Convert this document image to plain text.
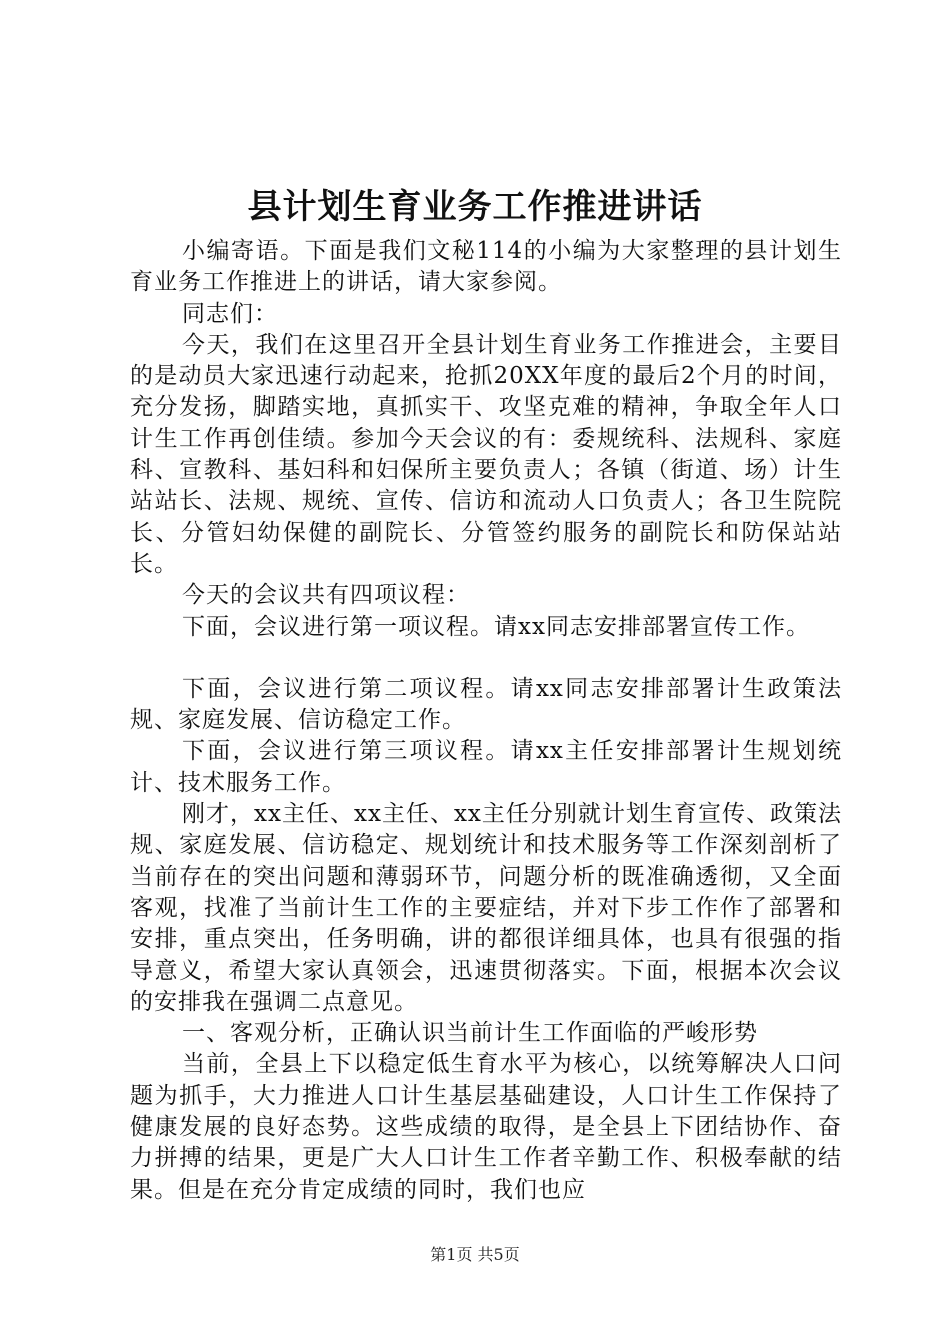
县计划生育业务工作推进讲话

小编寄语。下面是我们文秘114的小编为大家整理的县计划生育业务工作推进上的讲话，请大家参阅。

同志们：

今天，我们在这里召开全县计划生育业务工作推进会，主要目的是动员大家迅速行动起来，抢抓20XX年度的最后2个月的时间，充分发扬，脚踏实地，真抓实干、攻坚克难的精神，争取全年人口计生工作再创佳绩。参加今天会议的有：委规统科、法规科、家庭科、宣教科、基妇科和妇保所主要负责人；各镇（街道、场）计生站站长、法规、规统、宣传、信访和流动人口负责人；各卫生院院长、分管妇幼保健的副院长、分管签约服务的副院长和防保站站长。

今天的会议共有四项议程：

下面，会议进行第一项议程。请xx同志安排部署宣传工作。

下面，会议进行第二项议程。请xx同志安排部署计生政策法规、家庭发展、信访稳定工作。

下面，会议进行第三项议程。请xx主任安排部署计生规划统计、技术服务工作。

刚才，xx主任、xx主任、xx主任分别就计划生育宣传、政策法规、家庭发展、信访稳定、规划统计和技术服务等工作深刻剖析了当前存在的突出问题和薄弱环节，问题分析的既准确透彻，又全面客观，找准了当前计生工作的主要症结，并对下步工作作了部署和安排，重点突出，任务明确，讲的都很详细具体，也具有很强的指导意义，希望大家认真领会，迅速贯彻落实。下面，根据本次会议的安排我在强调二点意见。

一、客观分析，正确认识当前计生工作面临的严峻形势

当前，全县上下以稳定低生育水平为核心，以统筹解决人口问题为抓手，大力推进人口计生基层基础建设，人口计生工作保持了健康发展的良好态势。这些成绩的取得，是全县上下团结协作、奋力拼搏的结果，更是广大人口计生工作者辛勤工作、积极奉献的结果。但是在充分肯定成绩的同时，我们也应

第1页 共5页
